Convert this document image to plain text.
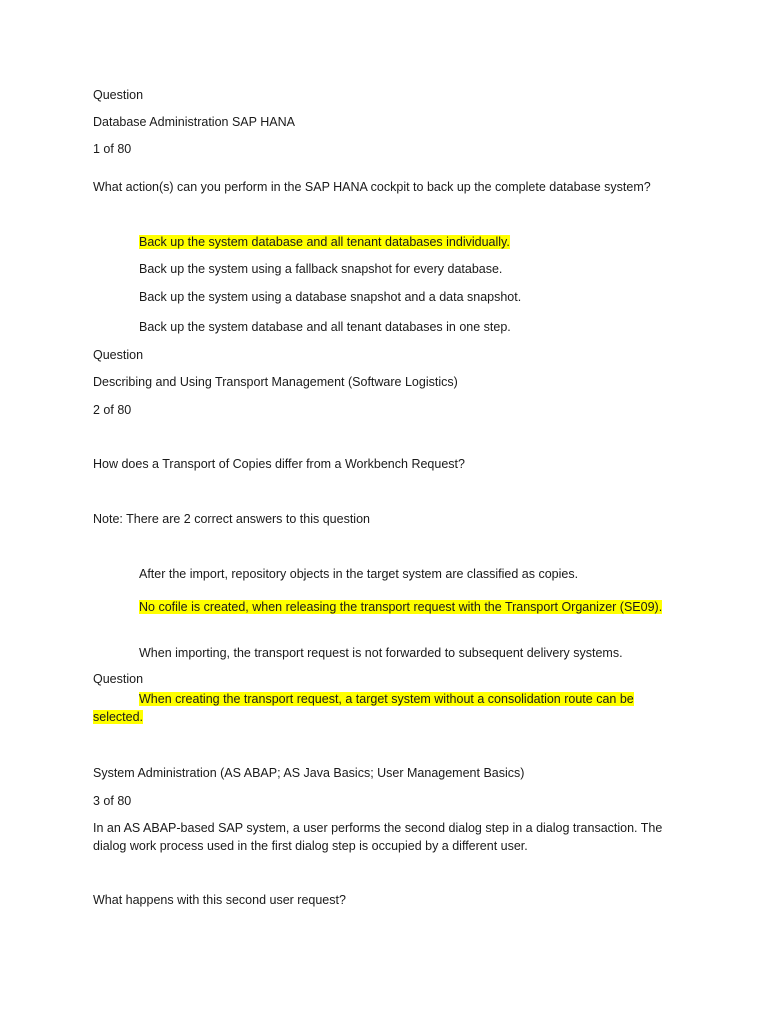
Question
Database Administration SAP HANA
1 of 80
What action(s) can you perform in the SAP HANA cockpit to back up the complete database system?
Back up the system database and all tenant databases individually.
Back up the system using a fallback snapshot for every database.
Back up the system using a database snapshot and a data snapshot.
Back up the system database and all tenant databases in one step.
Question
Describing and Using Transport Management (Software Logistics)
2 of 80
How does a Transport of Copies differ from a Workbench Request?
Note: There are 2 correct answers to this question
After the import, repository objects in the target system are classified as copies.
No cofile is created, when releasing the transport request with the Transport Organizer (SE09).
When importing, the transport request is not forwarded to subsequent delivery systems.
Question
When creating the transport request, a target system without a consolidation route can be selected.
System Administration (AS ABAP; AS Java Basics; User Management Basics)
3 of 80
In an AS ABAP-based SAP system, a user performs the second dialog step in a dialog transaction. The dialog work process used in the first dialog step is occupied by a different user.
What happens with this second user request?
